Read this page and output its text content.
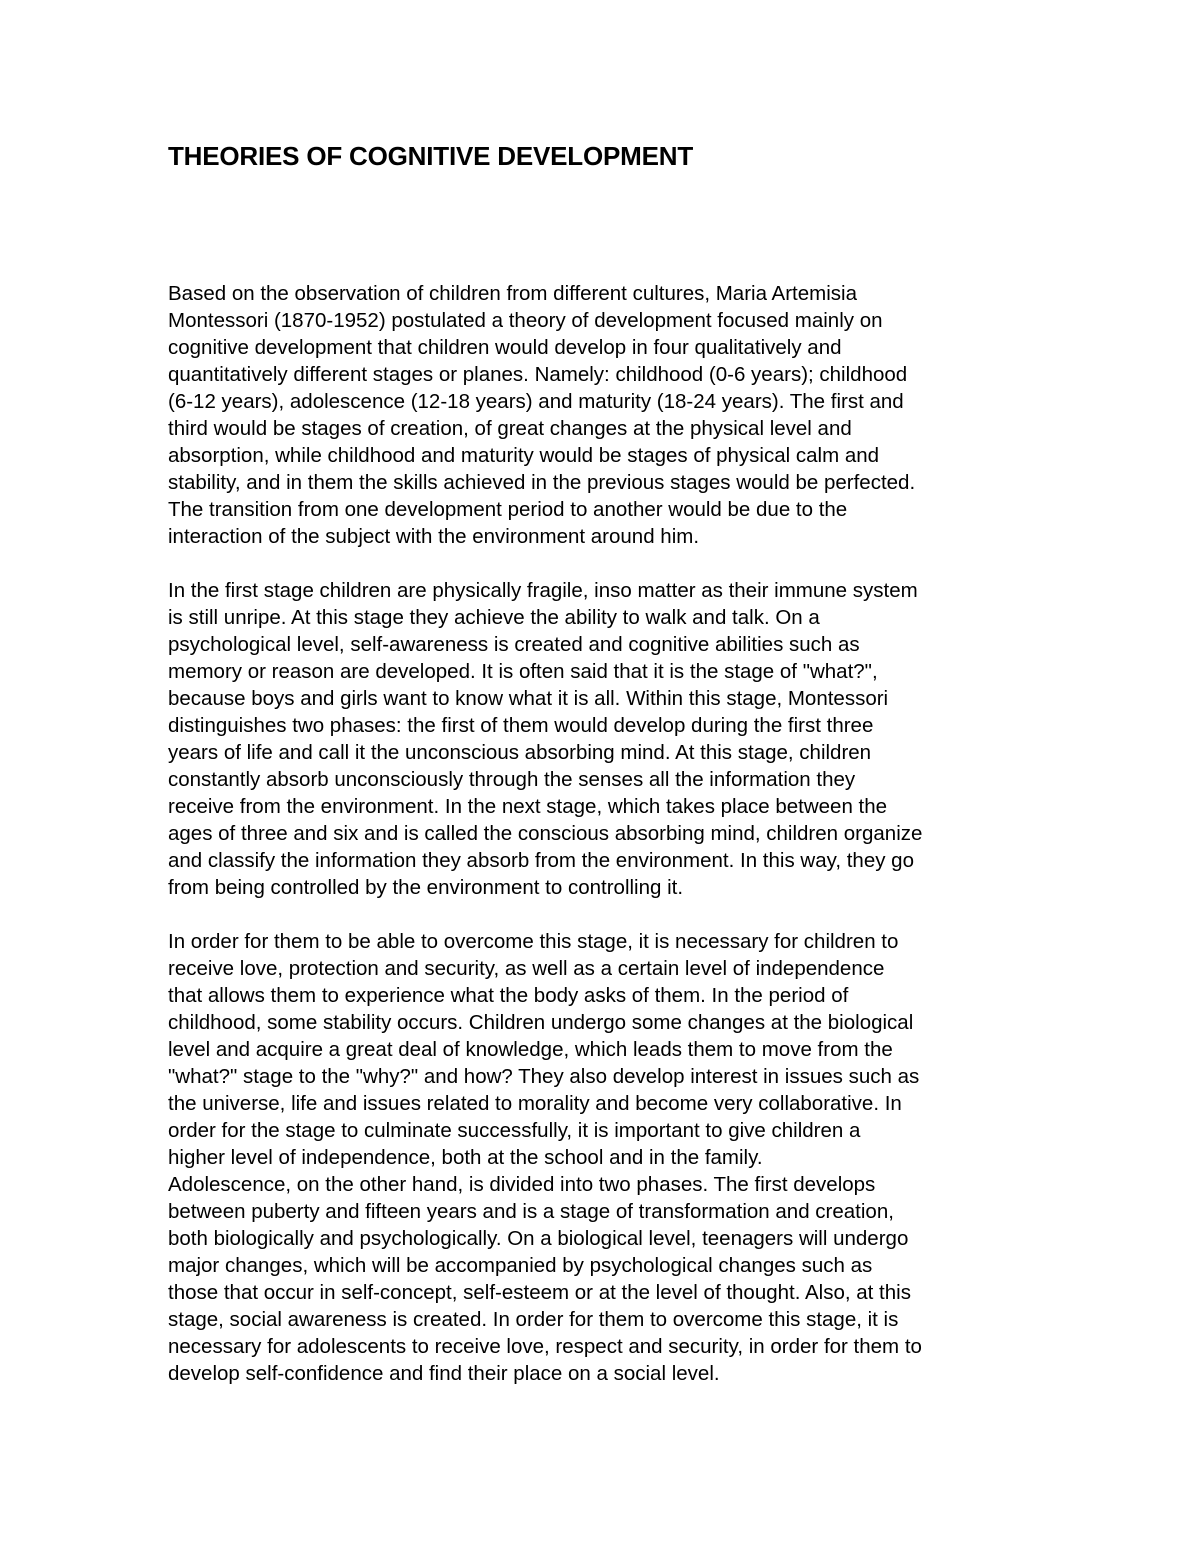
THEORIES OF COGNITIVE DEVELOPMENT
Based on the observation of children from different cultures, Maria Artemisia
Montessori (1870-1952) postulated a theory of development focused mainly on
cognitive development that children would develop in four qualitatively and
quantitatively different stages or planes. Namely: childhood (0-6 years); childhood
(6-12 years), adolescence (12-18 years) and maturity (18-24 years). The first and
third would be stages of creation, of great changes at the physical level and
absorption, while childhood and maturity would be stages of physical calm and
stability, and in them the skills achieved in the previous stages would be perfected.
The transition from one development period to another would be due to the
interaction of the subject with the environment around him.
In the first stage children are physically fragile, inso matter as their immune system
is still unripe. At this stage they achieve the ability to walk and talk. On a
psychological level, self-awareness is created and cognitive abilities such as
memory or reason are developed. It is often said that it is the stage of "what?",
because boys and girls want to know what it is all. Within this stage, Montessori
distinguishes two phases: the first of them would develop during the first three
years of life and call it the unconscious absorbing mind. At this stage, children
constantly absorb unconsciously through the senses all the information they
receive from the environment. In the next stage, which takes place between the
ages of three and six and is called the conscious absorbing mind, children organize
and classify the information they absorb from the environment. In this way, they go
from being controlled by the environment to controlling it.
In order for them to be able to overcome this stage, it is necessary for children to
receive love, protection and security, as well as a certain level of independence
that allows them to experience what the body asks of them. In the period of
childhood, some stability occurs. Children undergo some changes at the biological
level and acquire a great deal of knowledge, which leads them to move from the
"what?" stage to the "why?" and how? They also develop interest in issues such as
the universe, life and issues related to morality and become very collaborative. In
order for the stage to culminate successfully, it is important to give children a
higher level of independence, both at the school and in the family.
Adolescence, on the other hand, is divided into two phases. The first develops
between puberty and fifteen years and is a stage of transformation and creation,
both biologically and psychologically. On a biological level, teenagers will undergo
major changes, which will be accompanied by psychological changes such as
those that occur in self-concept, self-esteem or at the level of thought. Also, at this
stage, social awareness is created. In order for them to overcome this stage, it is
necessary for adolescents to receive love, respect and security, in order for them to
develop self-confidence and find their place on a social level.
